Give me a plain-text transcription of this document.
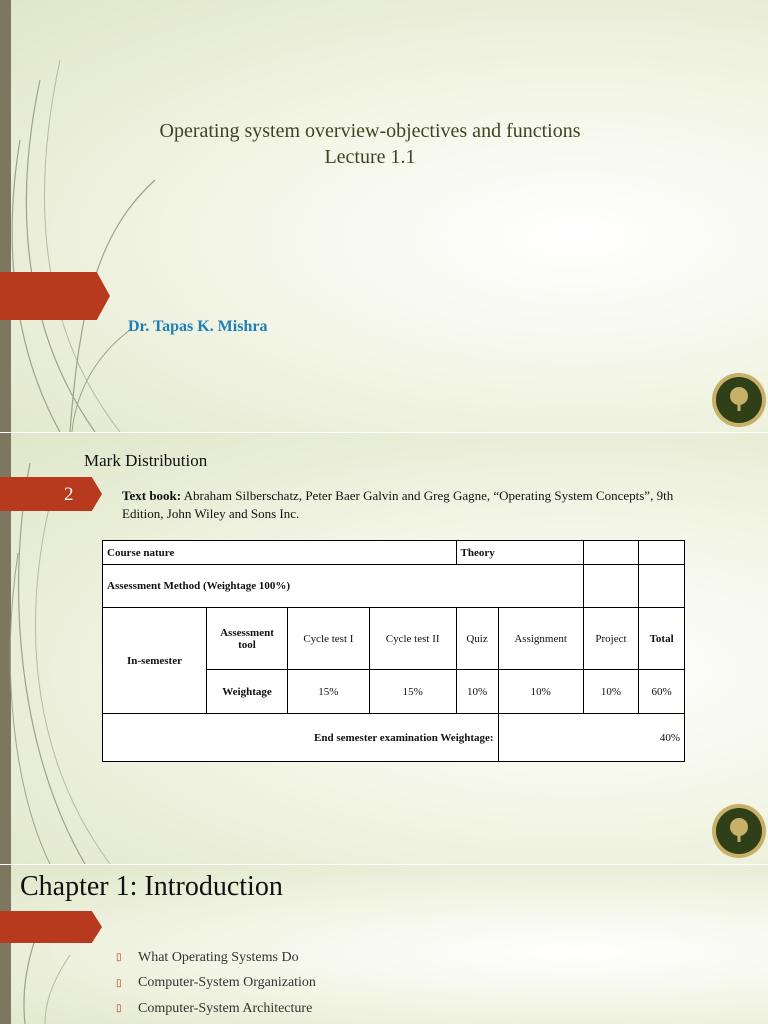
Operating system overview-objectives and functions
Lecture 1.1
Dr. Tapas K. Mishra
Mark Distribution
2	Text book: Abraham Silberschatz, Peter Baer Galvin and Greg Gagne, “Operating System Concepts”, 9th Edition, John Wiley and Sons Inc.
Course nature				Theory			
Assessment Method (Weightage 100%)							
In-semester	Assessment tool	Cycle test I	Cycle test II	Quiz	Assignment	Project	Total
	Weightage	15%	15%	10%	10%	10%	60%
End semester examination Weightage:					40%		
Chapter 1: Introduction
▯	What Operating Systems Do
▯	Computer-System Organization
▯	Computer-System Architecture
